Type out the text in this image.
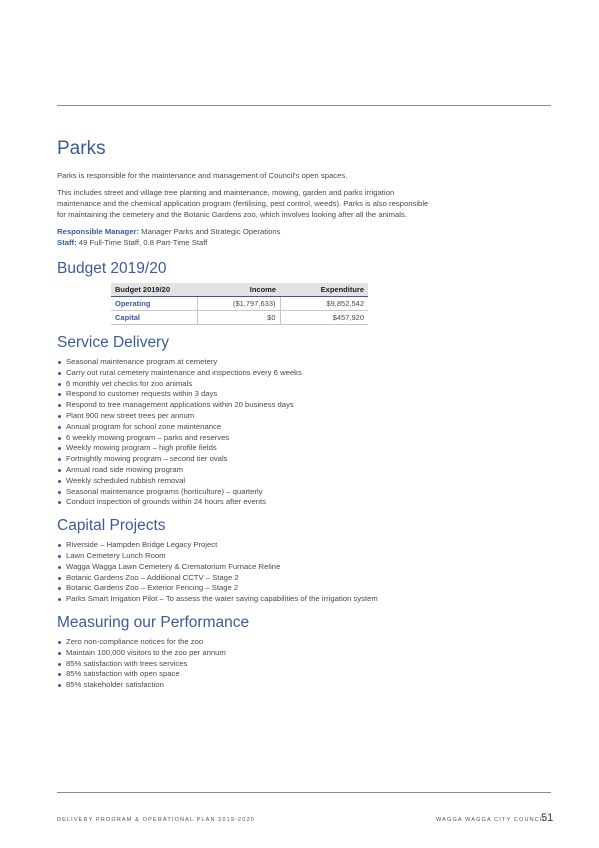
Parks

Parks is responsible for the maintenance and management of Council's open spaces.

This includes street and village tree planting and maintenance, mowing, garden and parks irrigation maintenance and the chemical application program (fertilising, pest control, weeds). Parks is also responsible for maintaining the cemetery and the Botanic Gardens zoo, which involves looking after all the animals.

Responsible Manager: Manager Parks and Strategic Operations
Staff: 49 Full-Time Staff, 0.8 Part-Time Staff
Budget 2019/20
Budget 2019/20	Income	Expenditure
Operating	($1,797,633)	$9,852,542
Capital	$0	$457,920
Service Delivery
Seasonal maintenance program at cemetery
Carry out rural cemetery maintenance and inspections every 6 weeks
6 monthly vet checks for zoo animals
Respond to customer requests within 3 days
Respond to tree management applications within 20 business days
Plant 900 new street trees per annum
Annual program for school zone maintenance
6 weekly mowing program – parks and reserves
Weekly mowing program – high profile fields
Fortnightly mowing program – second tier ovals
Annual road side mowing program
Weekly scheduled rubbish removal
Seasonal maintenance programs (horticulture) – quarterly
Conduct inspection of grounds within 24 hours after events
Capital Projects
Riverside – Hampden Bridge Legacy Project
Lawn Cemetery Lunch Room
Wagga Wagga Lawn Cemetery & Crematorium Furnace Reline
Botanic Gardens Zoo – Additional CCTV – Stage 2
Botanic Gardens Zoo – Exterior Fencing – Stage 2
Parks Smart Irrigation Pilot – To assess the water saving capabilities of the irrigation system
Measuring our Performance
Zero non-compliance notices for the zoo
Maintain 100,000 visitors to the zoo per annum
85% satisfaction with trees services
85% satisfaction with open space
85% stakeholder satisfaction
DELIVERY PROGRAM & OPERATIONAL PLAN 2019-2020	WAGGA WAGGA CITY COUNCIL
51
